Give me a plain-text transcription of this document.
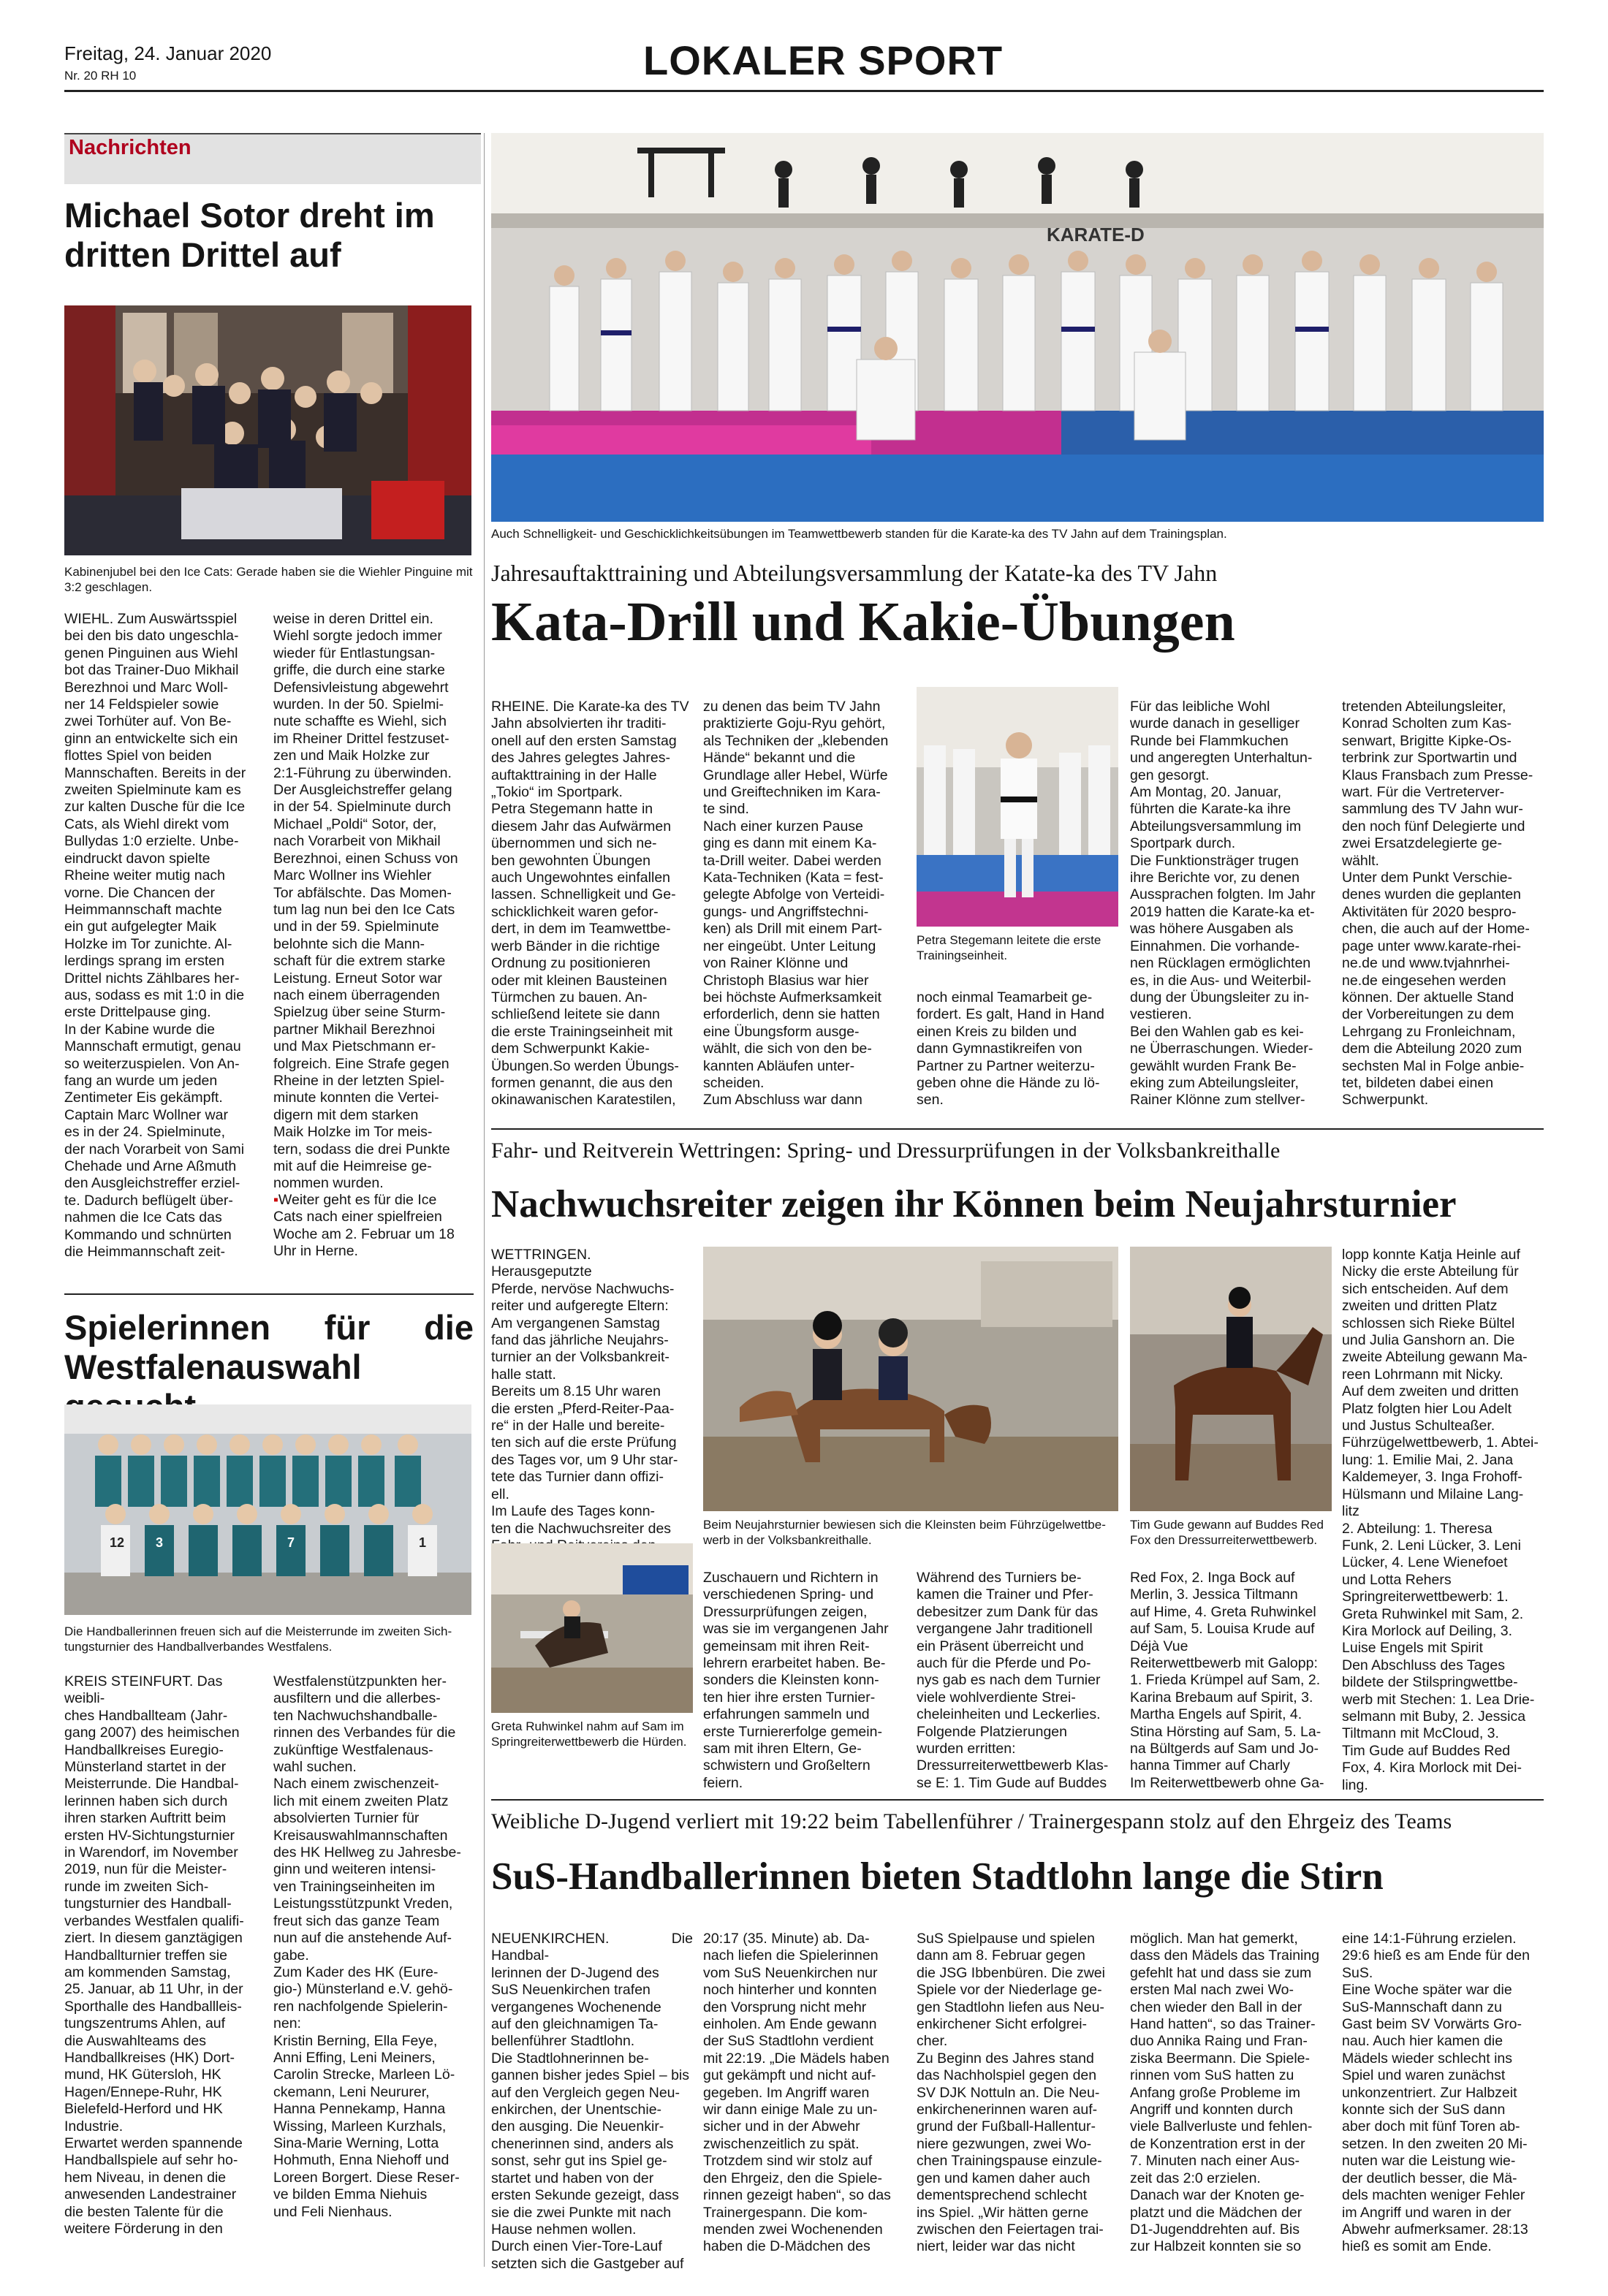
Freitag, 24. Januar 2020
Nr. 20 RH 10	LOKALER SPORT
Nachrichten
Michael Sotor dreht im
dritten Drittel auf
Kabinenjubel bei den Ice Cats: Gerade haben sie die Wiehler Pinguine mit 3:2 geschlagen.
WIEHL. Zum Auswärtsspiel
bei den bis dato ungeschla-
genen Pinguinen aus Wiehl
bot das Trainer-Duo Mikhail
Berezhnoi und Marc Woll-
ner 14 Feldspieler sowie
zwei Torhüter auf. Von Be-
ginn an entwickelte sich ein
flottes Spiel von beiden
Mannschaften. Bereits in der
zweiten Spielminute kam es
zur kalten Dusche für die Ice
Cats, als Wiehl direkt vom
Bullydas 1:0 erzielte. Unbe-
eindruckt davon spielte
Rheine weiter mutig nach
vorne. Die Chancen der
Heimmannschaft machte
ein gut aufgelegter Maik
Holzke im Tor zunichte. Al-
lerdings sprang im ersten
Drittel nichts Zählbares her-
aus, sodass es mit 1:0 in die
erste Drittelpause ging.
In der Kabine wurde die
Mannschaft ermutigt, genau
so weiterzuspielen. Von An-
fang an wurde um jeden
Zentimeter Eis gekämpft.
Captain Marc Wollner war
es in der 24. Spielminute,
der nach Vorarbeit von Sami
Chehade und Arne Aßmuth
den Ausgleichstreffer erziel-
te. Dadurch beflügelt über-
nahmen die Ice Cats das
Kommando und schnürten
die Heimmannschaft zeit-
weise in deren Drittel ein.
Wiehl sorgte jedoch immer
wieder für Entlastungsan-
griffe, die durch eine starke
Defensivleistung abgewehrt
wurden. In der 50. Spielmi-
nute schaffte es Wiehl, sich
im Rheiner Drittel festzuset-
zen und Maik Holzke zur
2:1-Führung zu überwinden.
Der Ausgleichstreffer gelang
in der 54. Spielminute durch
Michael „Poldi“ Sotor, der,
nach Vorarbeit von Mikhail
Berezhnoi, einen Schuss von
Marc Wollner ins Wiehler
Tor abfälschte. Das Momen-
tum lag nun bei den Ice Cats
und in der 59. Spielminute
belohnte sich die Mann-
schaft für die extrem starke
Leistung. Erneut Sotor war
nach einem überragenden
Spielzug über seine Sturm-
partner Mikhail Berezhnoi
und Max Pietschmann er-
folgreich. Eine Strafe gegen
Rheine in der letzten Spiel-
minute konnten die Vertei-
digern mit dem starken
Maik Holzke im Tor meis-
tern, sodass die drei Punkte
mit auf die Heimreise ge-
nommen wurden.
▪Weiter geht es für die Ice
Cats nach einer spielfreien
Woche am 2. Februar um 18
Uhr in Herne.
Spielerinnen für die
Westfalenauswahl
12 3	7	1
Die Handballerinnen freuen sich auf die Meisterrunde im zweiten Sich-
tungsturnier des Handballverbandes Westfalens.
KREIS STEINFURT. Das weibli-
ches Handballteam (Jahr-
gang 2007) des heimischen
Handballkreises Euregio-
Münsterland startet in der
Meisterrunde. Die Handbal-
lerinnen haben sich durch
ihren starken Auftritt beim
ersten HV-Sichtungsturnier
in Warendorf, im November
2019, nun für die Meister-
runde im zweiten Sich-
tungsturnier des Handball-
verbandes Westfalen qualifi-
ziert. In diesem ganztägigen
Handballturnier treffen sie
am kommenden Samstag,
25. Januar, ab 11 Uhr, in der
Sporthalle des Handballleis-
tungszentrums Ahlen, auf
die Auswahlteams des
Handballkreises (HK) Dort-
mund, HK Gütersloh, HK
Hagen/Ennepe-Ruhr, HK
Bielefeld-Herford und HK
Industrie.
Erwartet werden spannende
Handballspiele auf sehr ho-
hem Niveau, in denen die
anwesenden Landestrainer
die besten Talente für die
weitere Förderung in den
Westfalenstützpunkten her-
ausfiltern und die allerbes-
ten Nachwuchshandballe-
rinnen des Verbandes für die
zukünftige Westfalenaus-
wahl suchen.
Nach einem zwischenzeit-
lich mit einem zweiten Platz
absolvierten Turnier für
Kreisauswahlmannschaften
des HK Hellweg zu Jahresbe-
ginn und weiteren intensi-
ven Trainingseinheiten im
Leistungsstützpunkt Vreden,
freut sich das ganze Team
nun auf die anstehende Auf-
gabe.
Zum Kader des HK (Eure-
gio-) Münsterland e.V. gehö-
ren nachfolgende Spielerin-
nen:
Kristin Berning, Ella Feye,
Anni Effing, Leni Meiners,
Carolin Strecke, Marleen Lö-
ckemann, Leni Neururer,
Hanna Pennekamp, Hanna
Wissing, Marleen Kurzhals,
Sina-Marie Werning, Lotta
Hohmuth, Enna Niehoff und
Loreen Borgert. Diese Reser-
ve bilden Emma Niehuis
und Feli Nienhaus.
KARATE-D
Auch Schnelligkeit- und Geschicklichkeitsübungen im Teamwettbewerb standen für die Karate-ka des TV Jahn auf dem Trainingsplan.
Jahresauftakttraining und Abteilungsversammlung der Katate-ka des TV Jahn
Kata-Drill und Kakie-Übungen

RHEINE. Die Karate-ka des TV
Jahn absolvierten ihr traditi-
onell auf den ersten Samstag
des Jahres gelegtes Jahres-
auftakttraining in der Halle
„Tokio“ im Sportpark.
Petra Stegemann hatte in
diesem Jahr das Aufwärmen
übernommen und sich ne-
ben gewohnten Übungen
auch Ungewohntes einfallen
lassen. Schnelligkeit und Ge-
schicklichkeit waren gefor-
dert, in dem im Teamwettbe-
werb Bänder in die richtige
Ordnung zu positionieren
oder mit kleinen Bausteinen
Türmchen zu bauen. An-
schließend leitete sie dann
die erste Trainingseinheit mit
dem Schwerpunkt Kakie-
Übungen.So werden Übungs-
formen genannt, die aus den
okinawanischen Karatestilen,

zu denen das beim TV Jahn
praktizierte Goju-Ryu gehört,
als Techniken der „klebenden
Hände“ bekannt und die
Grundlage aller Hebel, Würfe
und Greiftechniken im Kara-
te sind.
Nach einer kurzen Pause
ging es dann mit einem Ka-
ta-Drill weiter. Dabei werden
Kata-Techniken (Kata = fest-
gelegte Abfolge von Verteidi-
gungs- und Angriffstechni-
ken) als Drill mit einem Part-
ner eingeübt. Unter Leitung
von Rainer Klönne und
Christoph Blasius war hier
bei höchste Aufmerksamkeit
erforderlich, denn sie hatten
eine Übungsform ausge-
wählt, die sich von den be-
kannten Abläufen unter-
scheiden.
Zum Abschluss war dann

Petra Stegemann leitete die erste
Trainingseinheit.

noch einmal Teamarbeit ge-
fordert. Es galt, Hand in Hand
einen Kreis zu bilden und
dann Gymnastikreifen von
Partner zu Partner weiterzu-
geben ohne die Hände zu lö-
sen.

Für das leibliche Wohl
wurde danach in geselliger
Runde bei Flammkuchen
und angeregten Unterhaltun-
gen gesorgt.
Am Montag, 20. Januar,
führten die Karate-ka ihre
Abteilungsversammlung im
Sportpark durch.
Die Funktionsträger trugen
ihre Berichte vor, zu denen
Aussprachen folgten. Im Jahr
2019 hatten die Karate-ka et-
was höhere Ausgaben als
Einnahmen. Die vorhande-
nen Rücklagen ermöglichten
es, in die Aus- und Weiterbil-
dung der Übungsleiter zu in-
vestieren.
Bei den Wahlen gab es kei-
ne Überraschungen. Wieder-
gewählt wurden Frank Be-
eking zum Abteilungsleiter,
Rainer Klönne zum stellver-

tretenden Abteilungsleiter,
Konrad Scholten zum Kas-
senwart, Brigitte Kipke-Os-
terbrink zur Sportwartin und
Klaus Fransbach zum Presse-
wart. Für die Vertreterver-
sammlung des TV Jahn wur-
den noch fünf Delegierte und
zwei Ersatzdelegierte ge-
wählt.
Unter dem Punkt Verschie-
denes wurden die geplanten
Aktivitäten für 2020 bespro-
chen, die auch auf der Home-
page unter www.karate-rhei-
ne.de und www.tvjahnrhei-
ne.de eingesehen werden
können. Der aktuelle Stand
der Vorbereitungen zu dem
Lehrgang zu Fronleichnam,
dem die Abteilung 2020 zum
sechsten Mal in Folge anbie-
tet, bildeten dabei einen
Schwerpunkt.

Fahr- und Reitverein Wettringen: Spring- und Dressurprüfungen in der Volksbankreithalle
Nachwuchsreiter zeigen ihr Können beim Neujahrsturnier

WETTRINGEN. Herausgeputzte
Pferde, nervöse Nachwuchs-
reiter und aufgeregte Eltern:
Am vergangenen Samstag
fand das jährliche Neujahrs-
turnier an der Volksbankreit-
halle statt.
Bereits um 8.15 Uhr waren
die ersten „Pferd-Reiter-Paa-
re“ in der Halle und bereite-
ten sich auf die erste Prüfung
des Tages vor, um 9 Uhr star-
tete das Turnier dann offizi-
ell.
Im Laufe des Tages konn-
ten die Nachwuchsreiter des	Beim Neujahrsturnier bewiesen sich die Kleinsten beim Führzügelwettbe-
werb in der Volksbankreithalle.
Tim Gude gewann auf Buddes Red
Fox den Dressurreiterwettbewerb.
Greta Ruhwinkel nahm auf Sam im
Springreiterwettbewerb die Hürden.

Zuschauern und Richtern in
verschiedenen Spring- und
Dressurprüfungen zeigen,
was sie im vergangenen Jahr
gemeinsam mit ihren Reit-
lehrern erarbeitet haben. Be-
sonders die Kleinsten konn-
ten hier ihre ersten Turnier-
erfahrungen sammeln und
erste Turniererfolge gemein-
sam mit ihren Eltern, Ge-
schwistern und Großeltern
feiern.

Während des Turniers be-
kamen die Trainer und Pfer-
debesitzer zum Dank für das
vergangene Jahr traditionell
ein Präsent überreicht und
auch für die Pferde und Po-
nys gab es nach dem Turnier
viele wohlverdiente Strei-
cheleinheiten und Leckerlies.
Folgende Platzierungen
wurden erritten:
Dressurreiterwettbewerb Klas-
se E: 1. Tim Gude auf Buddes

Red Fox, 2. Inga Bock auf
Merlin, 3. Jessica Tiltmann
auf Hime, 4. Greta Ruhwinkel
auf Sam, 5. Louisa Krude auf
Déjà Vue
Reiterwettbewerb mit Galopp:
1. Frieda Krümpel auf Sam, 2.
Karina Brebaum auf Spirit, 3.
Martha Engels auf Spirit, 4.
Stina Hörsting auf Sam, 5. La-
na Bültgerds auf Sam und Jo-
hanna Timmer auf Charly
Im Reiterwettbewerb ohne Ga-

lopp konnte Katja Heinle auf
Nicky die erste Abteilung für
sich entscheiden. Auf dem
zweiten und dritten Platz
schlossen sich Rieke Bültel
und Julia Ganshorn an. Die
zweite Abteilung gewann Ma-
reen Lohrmann mit Nicky.
Auf dem zweiten und dritten
Platz folgten hier Lou Adelt
und Justus Schulteaßer.
Führzügelwettbewerb, 1. Abtei-
lung: 1. Emilie Mai, 2. Jana
Kaldemeyer, 3. Inga Frohoff-
Hülsmann und Milaine Lang-
litz
2. Abteilung: 1. Theresa
Funk, 2. Leni Lücker, 3. Leni
Lücker, 4. Lene Wienefoet
und Lotta Rehers
Springreiterwettbewerb: 1.
Greta Ruhwinkel mit Sam, 2.
Kira Morlock auf Deiling, 3.
Luise Engels mit Spirit
Den Abschluss des Tages
bildete der Stilspringwettbe-
werb mit Stechen: 1. Lea Drie-
selmann mit Buby, 2. Jessica
Tiltmann mit McCloud, 3.
Tim Gude auf Buddes Red
Fox, 4. Kira Morlock mit Dei-
ling.

Weibliche D-Jugend verliert mit 19:22 beim Tabellenführer / Trainergespann stolz auf den Ehrgeiz des Teams
SuS-Handballerinnen bieten Stadtlohn lange die Stirn

NEUENKIRCHEN. Die Handbal-
lerinnen der D-Jugend des
SuS Neuenkirchen trafen
vergangenes Wochenende
auf den gleichnamigen Ta-
bellenführer Stadtlohn.
Die Stadtlohnerinnen be-
gannen bisher jedes Spiel – bis
auf den Vergleich gegen Neu-
enkirchen, der Unentschie-
den ausging. Die Neuenkir-
chenerinnen sind, anders als
sonst, sehr gut ins Spiel ge-
startet und haben von der
ersten Sekunde gezeigt, dass
sie die zwei Punkte mit nach
Hause nehmen wollen.
Durch einen Vier-Tore-Lauf
setzten sich die Gastgeber auf

20:17 (35. Minute) ab. Da-
nach liefen die Spielerinnen
vom SuS Neuenkirchen nur
noch hinterher und konnten
den Vorsprung nicht mehr
einholen. Am Ende gewann
der SuS Stadtlohn verdient
mit 22:19. „Die Mädels haben
gut gekämpft und nicht auf-
gegeben. Im Angriff waren
wir dann einige Male zu un-
sicher und in der Abwehr
zwischenzeitlich zu spät.
Trotzdem sind wir stolz auf
den Ehrgeiz, den die Spiele-
rinnen gezeigt haben“, so das
Trainergespann. Die kom-
menden zwei Wochenenden
haben die D-Mädchen des

SuS Spielpause und spielen
dann am 8. Februar gegen
die JSG Ibbenbüren. Die zwei
Spiele vor der Niederlage ge-
gen Stadtlohn liefen aus Neu-
enkirchener Sicht erfolgrei-
cher.
Zu Beginn des Jahres stand
das Nachholspiel gegen den
SV DJK Nottuln an. Die Neu-
enkirchenerinnen waren auf-
grund der Fußball-Hallentur-
niere gezwungen, zwei Wo-
chen Trainingspause einzule-
gen und kamen daher auch
dementsprechend schlecht
ins Spiel. „Wir hätten gerne
zwischen den Feiertagen trai-
niert, leider war das nicht

möglich. Man hat gemerkt,
dass den Mädels das Training
gefehlt hat und dass sie zum
ersten Mal nach zwei Wo-
chen wieder den Ball in der
Hand hatten“, so das Trainer-
duo Annika Raing und Fran-
ziska Beermann. Die Spiele-
rinnen vom SuS hatten zu
Anfang große Probleme im
Angriff und konnten durch
viele Ballverluste und fehlen-
de Konzentration erst in der
7. Minuten nach einer Aus-
zeit das 2:0 erzielen.
Danach war der Knoten ge-
platzt und die Mädchen der
D1-Jugenddrehten auf. Bis
zur Halbzeit konnten sie so

eine 14:1-Führung erzielen.
29:6 hieß es am Ende für den
SuS.
Eine Woche später war die
SuS-Mannschaft dann zu
Gast beim SV Vorwärts Gro-
nau. Auch hier kamen die
Mädels wieder schlecht ins
Spiel und waren zunächst
unkonzentriert. Zur Halbzeit
konnte sich der SuS dann
aber doch mit fünf Toren ab-
setzen. In den zweiten 20 Mi-
nuten war die Leistung wie-
der deutlich besser, die Mä-
dels machten weniger Fehler
im Angriff und waren in der
Abwehr aufmerksamer. 28:13
hieß es somit am Ende.
